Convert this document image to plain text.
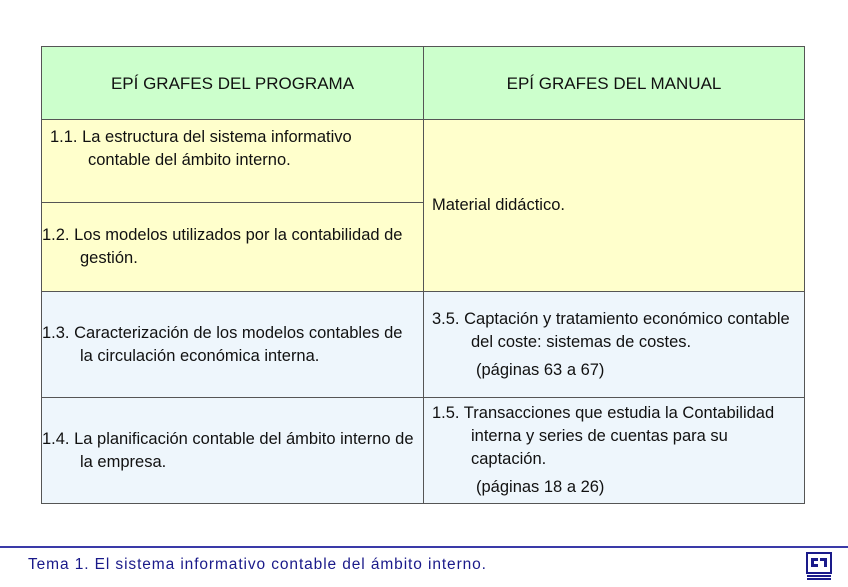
EPÍ GRAFES DEL PROGRAMA	EPÍ GRAFES DEL MANUAL

1.1. La estructura del sistema informativo contable del ámbito interno.	Material didáctico.

1.2. Los modelos utilizados por la contabilidad de gestión.	

1.3. Caracterización de los modelos contables de la circulación económica interna.	3.5. Captación y tratamiento económico contable del coste: sistemas de costes.
(páginas 63 a 67)

1.4. La planificación contable del ámbito interno de la empresa.	1.5. Transacciones que estudia la Contabilidad interna y series de cuentas para su captación.
(páginas 18 a 26)
Tema 1. El sistema informativo contable del ámbito interno.
